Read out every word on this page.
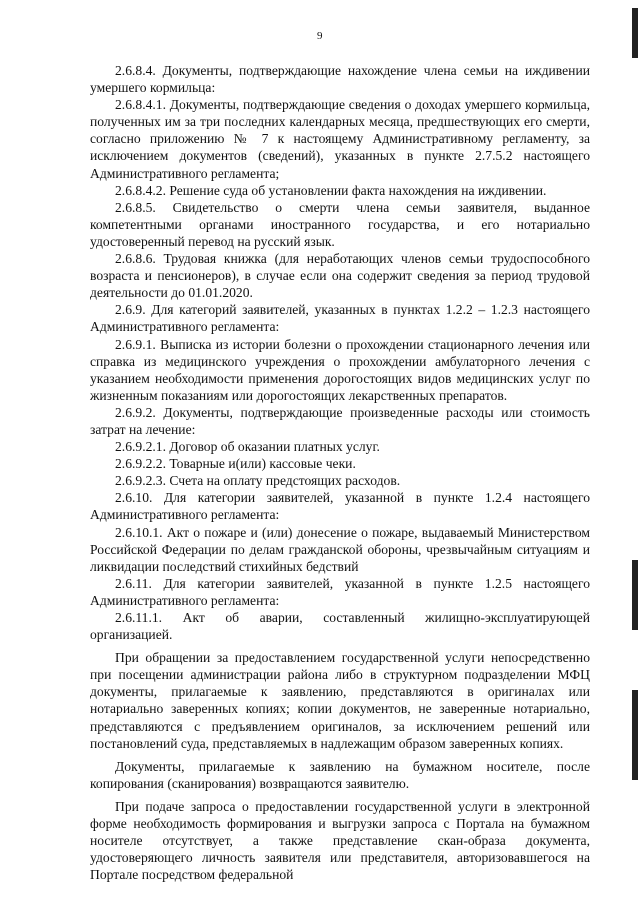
9

2.6.8.4. Документы, подтверждающие нахождение члена семьи на иждивении умершего кормильца:

2.6.8.4.1. Документы, подтверждающие сведения о доходах умершего кормильца, полученных им за три последних календарных месяца, предшествующих его смерти, согласно приложению № 7 к настоящему Административному регламенту, за исключением документов (сведений), указанных в пункте 2.7.5.2 настоящего Административного регламента;

2.6.8.4.2. Решение суда об установлении факта нахождения на иждивении.

2.6.8.5. Свидетельство о смерти члена семьи заявителя, выданное компетентными органами иностранного государства, и его нотариально удостоверенный перевод на русский язык.

2.6.8.6. Трудовая книжка (для неработающих членов семьи трудоспособного возраста и пенсионеров), в случае если она содержит сведения за период трудовой деятельности до 01.01.2020.

2.6.9. Для категорий заявителей, указанных в пунктах 1.2.2 – 1.2.3 настоящего Административного регламента:

2.6.9.1. Выписка из истории болезни о прохождении стационарного лечения или справка из медицинского учреждения о прохождении амбулаторного лечения с указанием необходимости применения дорогостоящих видов медицинских услуг по жизненным показаниям или дорогостоящих лекарственных препаратов.

2.6.9.2. Документы, подтверждающие произведенные расходы или стоимость затрат на лечение:

2.6.9.2.1. Договор об оказании платных услуг.

2.6.9.2.2. Товарные и(или) кассовые чеки.

2.6.9.2.3. Счета на оплату предстоящих расходов.

2.6.10. Для категории заявителей, указанной в пункте 1.2.4 настоящего Административного регламента:

2.6.10.1. Акт о пожаре и (или) донесение о пожаре, выдаваемый Министерством Российской Федерации по делам гражданской обороны, чрезвычайным ситуациям и ликвидации последствий стихийных бедствий

2.6.11. Для категории заявителей, указанной в пункте 1.2.5 настоящего Административного регламента:

2.6.11.1. Акт об аварии, составленный жилищно-эксплуатирующей организацией.

При обращении за предоставлением государственной услуги непосредственно при посещении администрации района либо в структурном подразделении МФЦ документы, прилагаемые к заявлению, представляются в оригиналах или нотариально заверенных копиях; копии документов, не заверенные нотариально, представляются с предъявлением оригиналов, за исключением решений или постановлений суда, представляемых в надлежащим образом заверенных копиях.

Документы, прилагаемые к заявлению на бумажном носителе, после копирования (сканирования) возвращаются заявителю.

При подаче запроса о предоставлении государственной услуги в электронной форме необходимость формирования и выгрузки запроса с Портала на бумажном носителе отсутствует, а также представление скан-образа документа, удостоверяющего личность заявителя или представителя, авторизовавшегося на Портале посредством федеральной
